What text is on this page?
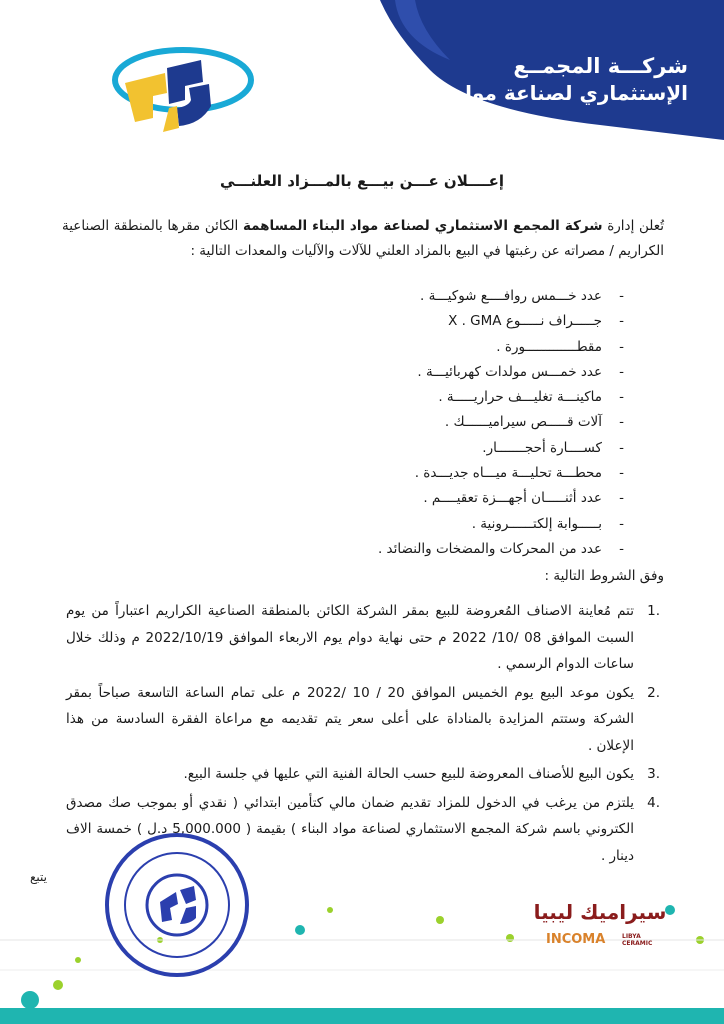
شركـــة المجمــع
الإستثماري لصناعة مواد البناء
إعــــلان عـــن بيـــع بالمـــزاد العلنـــي
تُعلن إدارة شركة المجمع الاستثماري لصناعة مواد البناء المساهمة الكائن مقرها بالمنطقة الصناعية الكراريم / مصراته عن رغبتها في البيع بالمزاد العلني للآلات والآليات والمعدات التالية :
-
عدد خـــمس روافــــع شوكيـــة .
-
جـــــراف نـــــوع X . GMA
-
مقطـــــــــــــورة .
-
عدد خمـــس مولدات كهربائيـــة .
-
ماكينـــة تغليـــف حراريـــــة .
-
آلات قـــــص سيراميــــــك .
-
كســــارة أحجـــــــار.
-
محطـــة تحليـــة ميـــاه جديـــدة .
-
عدد أثنـــــان أجهـــزة تعقيــــم .
-
بـــــوابة إلكتــــــرونية .
-
عدد من المحركات والمضخات والنضائد .
وفق الشروط التالية :
.1
تتم مُعاينة الاصناف المُعروضة للبيع بمقر الشركة الكائن بالمنطقة الصناعية الكراريم اعتباراً من يوم السبت الموافق 08 /10/ 2022 م حتى نهاية دوام يوم الاربعاء الموافق 2022/10/19 م وذلك خلال ساعات الدوام الرسمي .
.2
يكون موعد البيع يوم الخميس الموافق 20 / 10 /2022 م على تمام الساعة التاسعة صباحاً بمقر الشركة وستتم المزايدة بالمناداة على أعلى سعر يتم تقديمه مع مراعاة الفقرة السادسة من هذا الإعلان .
.3
يكون البيع للأصناف المعروضة للبيع حسب الحالة الفنية التي عليها في جلسة البيع.
.4
يلتزم من يرغب في الدخول للمزاد تقديم ضمان مالي كتأمين ابتدائي ( نقدي أو بموجب صك مصدق الكتروني باسم شركة المجمع الاستثماري لصناعة مواد البناء ) بقيمة ( 5,000.000 د.ل ) خمسة الاف دينار .
يتبع
سيراميك ليبيا
INCOMA	LIBYA CERAMIC
